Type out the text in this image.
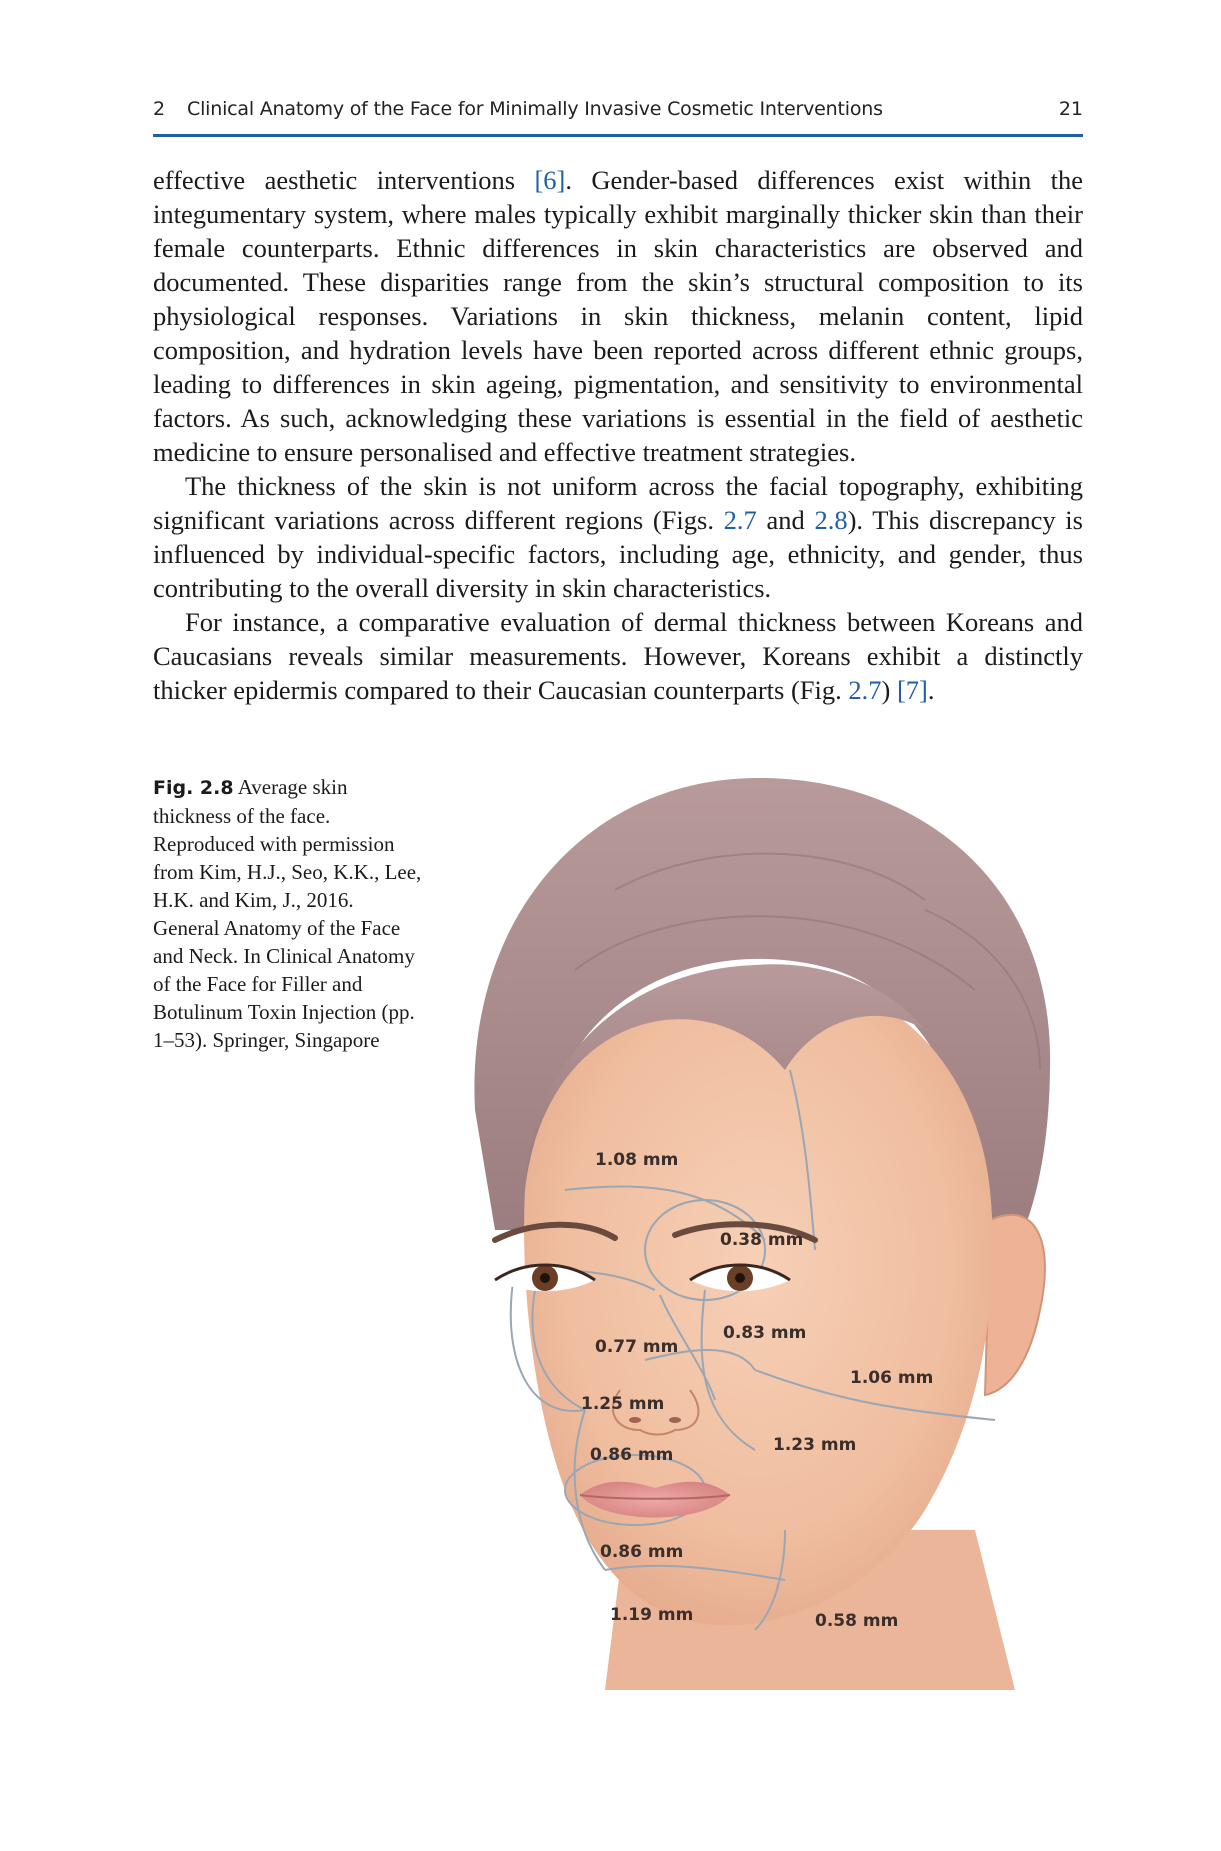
2 Clinical Anatomy of the Face for Minimally Invasive Cosmetic Interventions	21

effective aesthetic interventions [6]. Gender-based differences exist within the integumentary system, where males typically exhibit marginally thicker skin than their female counterparts. Ethnic differences in skin characteristics are observed and documented. These disparities range from the skin’s structural composition to its physiological responses. Variations in skin thickness, melanin content, lipid composition, and hydration levels have been reported across different ethnic groups, leading to differences in skin ageing, pigmentation, and sensitivity to environmental factors. As such, acknowledging these variations is essential in the field of aesthetic medicine to ensure personalised and effective treatment strategies.

The thickness of the skin is not uniform across the facial topography, exhibiting significant variations across different regions (Figs. 2.7 and 2.8). This discrepancy is influenced by individual-specific factors, including age, ethnicity, and gender, thus contributing to the overall diversity in skin characteristics.

For instance, a comparative evaluation of dermal thickness between Koreans and Caucasians reveals similar measurements. However, Koreans exhibit a distinctly thicker epidermis compared to their Caucasian counterparts (Fig. 2.7) [7].

Fig. 2.8 Average skin thickness of the face. Reproduced with permission from Kim, H.J., Seo, K.K., Lee, H.K. and Kim, J., 2016. General Anatomy of the Face and Neck. In Clinical Anatomy of the Face for Filler and Botulinum Toxin Injection (pp. 1–53). Springer, Singapore
1.08 mm
0.38 mm
0.83 mm
0.77 mm
1.06 mm
1.25 mm
0.86 mm	1.23 mm
0.86 mm
1.19 mm	0.58 mm
